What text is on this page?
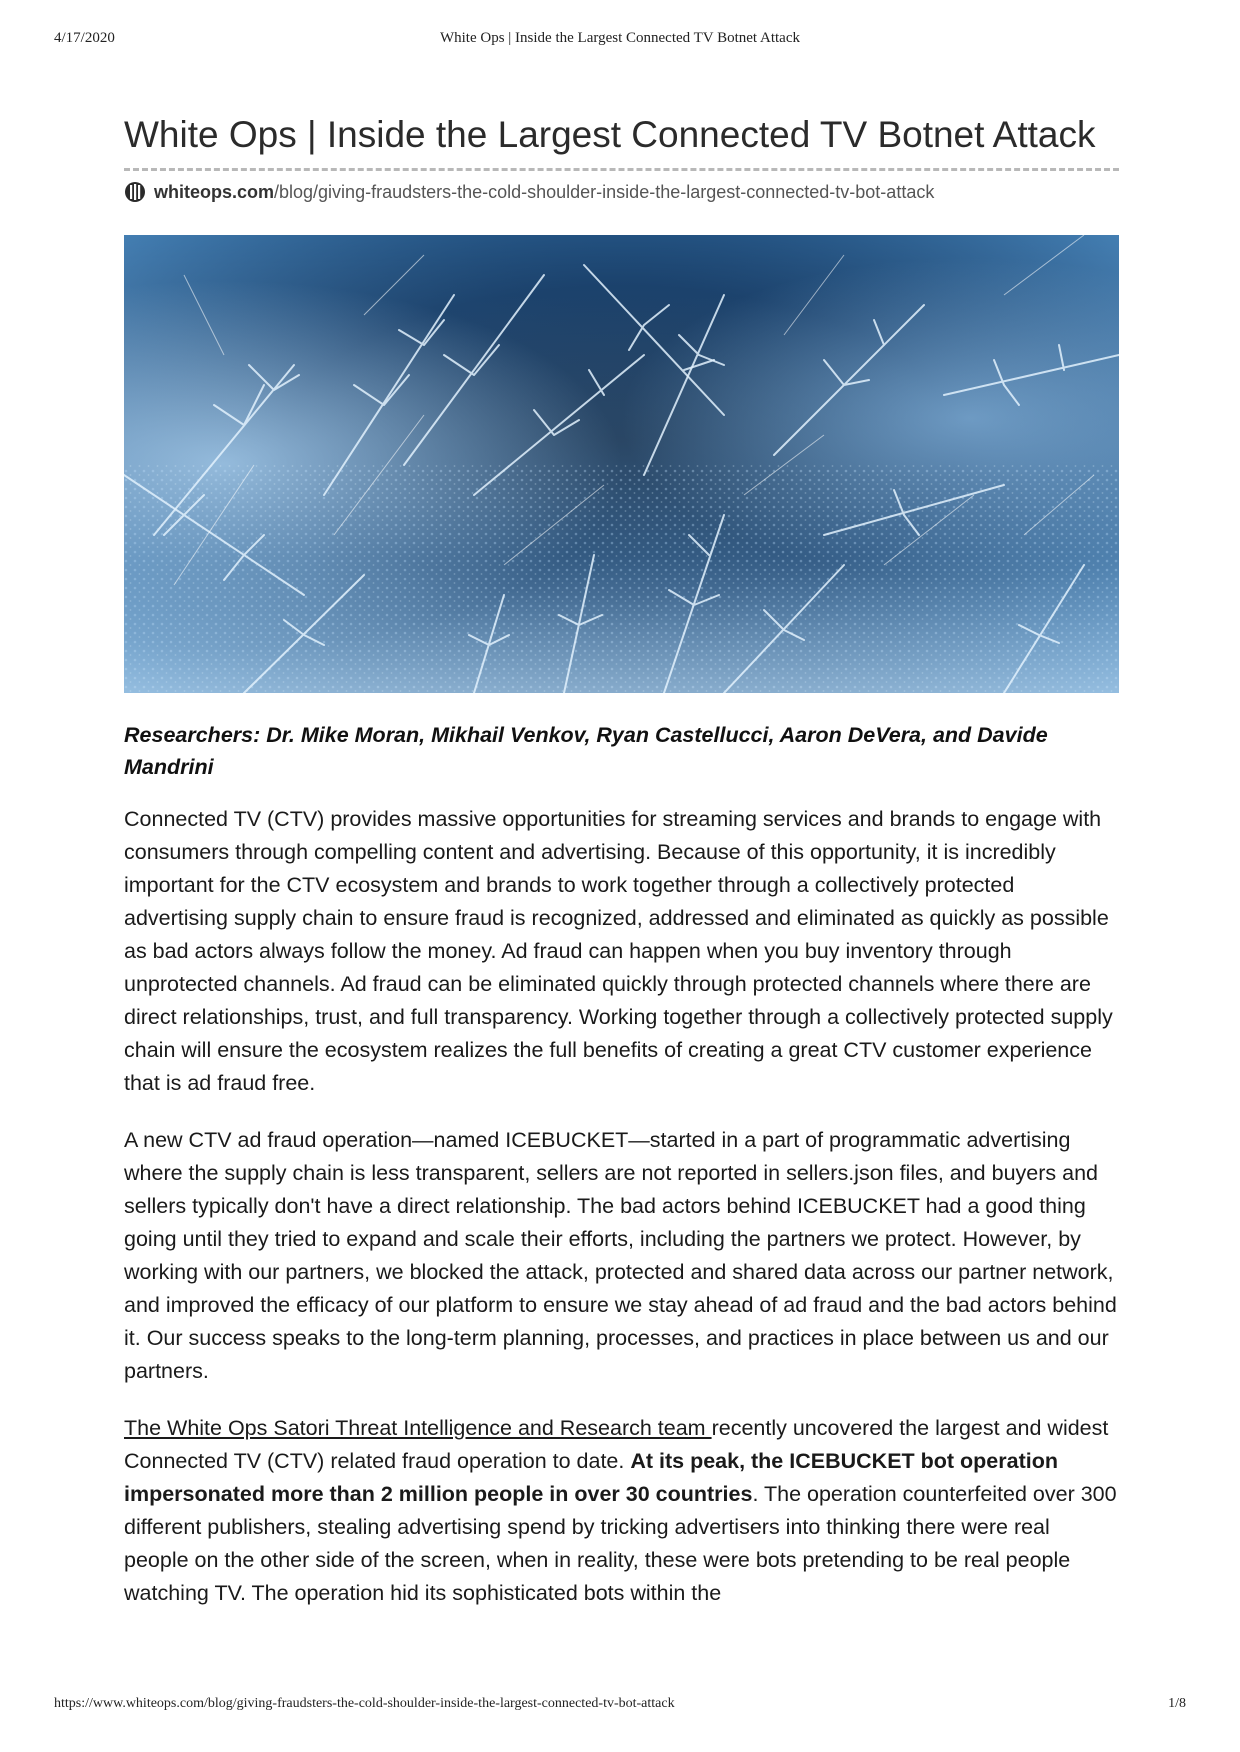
4/17/2020	White Ops | Inside the Largest Connected TV Botnet Attack
White Ops | Inside the Largest Connected TV Botnet Attack
whiteops.com /blog/giving-fraudsters-the-cold-shoulder-inside-the-largest-connected-tv-bot-attack
Researchers: Dr. Mike Moran, Mikhail Venkov, Ryan Castellucci, Aaron DeVera, and Davide Mandrini

Connected TV (CTV) provides massive opportunities for streaming services and brands to engage with consumers through compelling content and advertising. Because of this opportunity, it is incredibly important for the CTV ecosystem and brands to work together through a collectively protected advertising supply chain to ensure fraud is recognized, addressed and eliminated as quickly as possible as bad actors always follow the money. Ad fraud can happen when you buy inventory through unprotected channels. Ad fraud can be eliminated quickly through protected channels where there are direct relationships, trust, and full transparency. Working together through a collectively protected supply chain will ensure the ecosystem realizes the full benefits of creating a great CTV customer experience that is ad fraud free.

A new CTV ad fraud operation—named ICEBUCKET—started in a part of programmatic advertising where the supply chain is less transparent, sellers are not reported in sellers.json files, and buyers and sellers typically don't have a direct relationship. The bad actors behind ICEBUCKET had a good thing going until they tried to expand and scale their efforts, including the partners we protect. However, by working with our partners, we blocked the attack, protected and shared data across our partner network, and improved the efficacy of our platform to ensure we stay ahead of ad fraud and the bad actors behind it. Our success speaks to the long-term planning, processes, and practices in place between us and our partners.

The White Ops Satori Threat Intelligence and Research team recently uncovered the largest and widest Connected TV (CTV) related fraud operation to date. At its peak, the ICEBUCKET bot operation impersonated more than 2 million people in over 30 countries. The operation counterfeited over 300 different publishers, stealing advertising spend by tricking advertisers into thinking there were real people on the other side of the screen, when in reality, these were bots pretending to be real people watching TV. The operation hid its sophisticated bots within the

https://www.whiteops.com/blog/giving-fraudsters-the-cold-shoulder-inside-the-largest-connected-tv-bot-attack	1/8
